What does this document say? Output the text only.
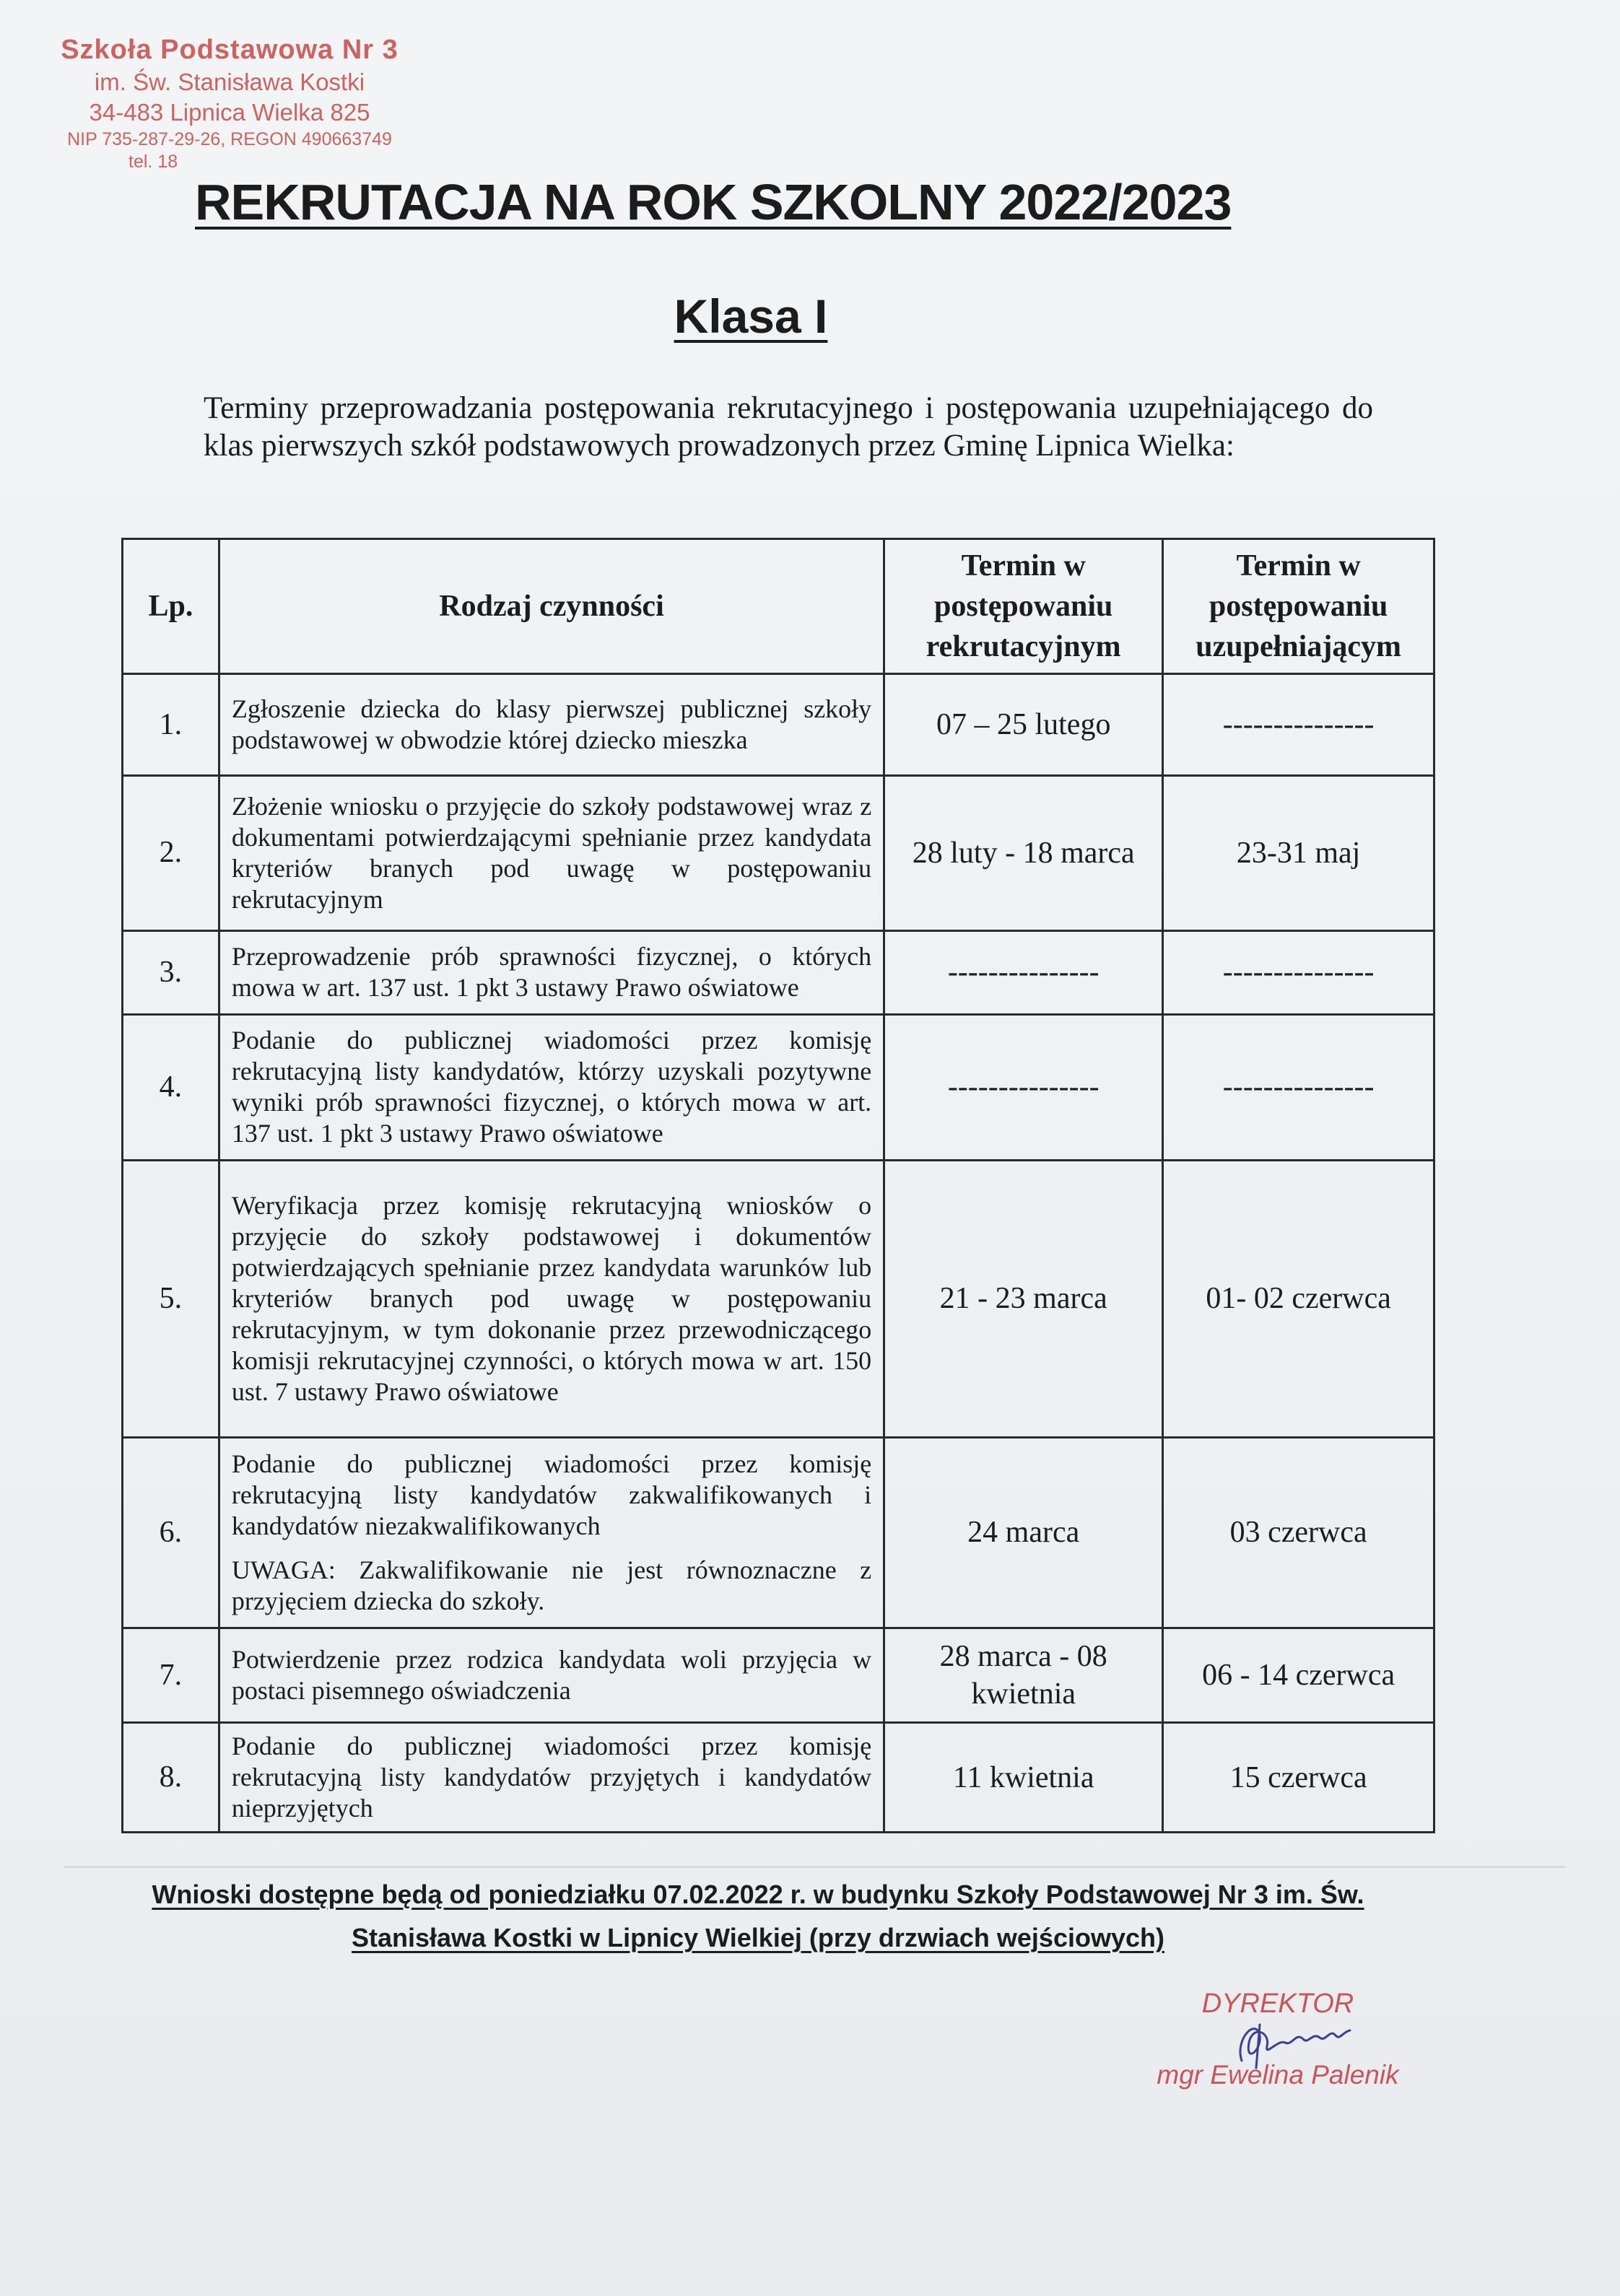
Szkoła Podstawowa Nr 3
im. Św. Stanisława Kostki
34-483 Lipnica Wielka 825
NIP 735-287-29-26, REGON 490663749
tel. 18
REKRUTACJA NA ROK SZKOLNY 2022/2023
Klasa I
Terminy przeprowadzania postępowania rekrutacyjnego i postępowania uzupełniającego do klas pierwszych szkół podstawowych prowadzonych przez Gminę Lipnica Wielka:
Lp.	Rodzaj czynności	Termin w postępowaniu rekrutacyjnym	Termin w postępowaniu uzupełniającym
1.	Zgłoszenie dziecka do klasy pierwszej publicznej szkoły podstawowej w obwodzie której dziecko mieszka	07 – 25 lutego	---------------
2.	Złożenie wniosku o przyjęcie do szkoły podstawowej wraz z dokumentami potwierdzającymi spełnianie przez kandydata kryteriów branych pod uwagę w postępowaniu rekrutacyjnym	28 luty - 18 marca	23-31 maj
3.	Przeprowadzenie prób sprawności fizycznej, o których mowa w art. 137 ust. 1 pkt 3 ustawy Prawo oświatowe	---------------	---------------
4.	Podanie do publicznej wiadomości przez komisję rekrutacyjną listy kandydatów, którzy uzyskali pozytywne wyniki prób sprawności fizycznej, o których mowa w art. 137 ust. 1 pkt 3 ustawy Prawo oświatowe	---------------	---------------
5.	Weryfikacja przez komisję rekrutacyjną wniosków o przyjęcie do szkoły podstawowej i dokumentów potwierdzających spełnianie przez kandydata warunków lub kryteriów branych pod uwagę w postępowaniu rekrutacyjnym, w tym dokonanie przez przewodniczącego komisji rekrutacyjnej czynności, o których mowa w art. 150 ust. 7 ustawy Prawo oświatowe	21 - 23 marca	01- 02 czerwca
6.	Podanie do publicznej wiadomości przez komisję rekrutacyjną listy kandydatów zakwalifikowanych i kandydatów niezakwalifikowanych
UWAGA: Zakwalifikowanie nie jest równoznaczne z przyjęciem dziecka do szkoły.	24 marca	03 czerwca
7.	Potwierdzenie przez rodzica kandydata woli przyjęcia w postaci pisemnego oświadczenia	28 marca - 08 kwietnia	06 - 14 czerwca
8.	Podanie do publicznej wiadomości przez komisję rekrutacyjną listy kandydatów przyjętych i kandydatów nieprzyjętych	11 kwietnia	15 czerwca
Wnioski dostępne będą od poniedziałku 07.02.2022 r. w budynku Szkoły Podstawowej Nr 3 im. Św.
Stanisława Kostki w Lipnicy Wielkiej (przy drzwiach wejściowych)
DYREKTOR
mgr Ewelina Palenik
